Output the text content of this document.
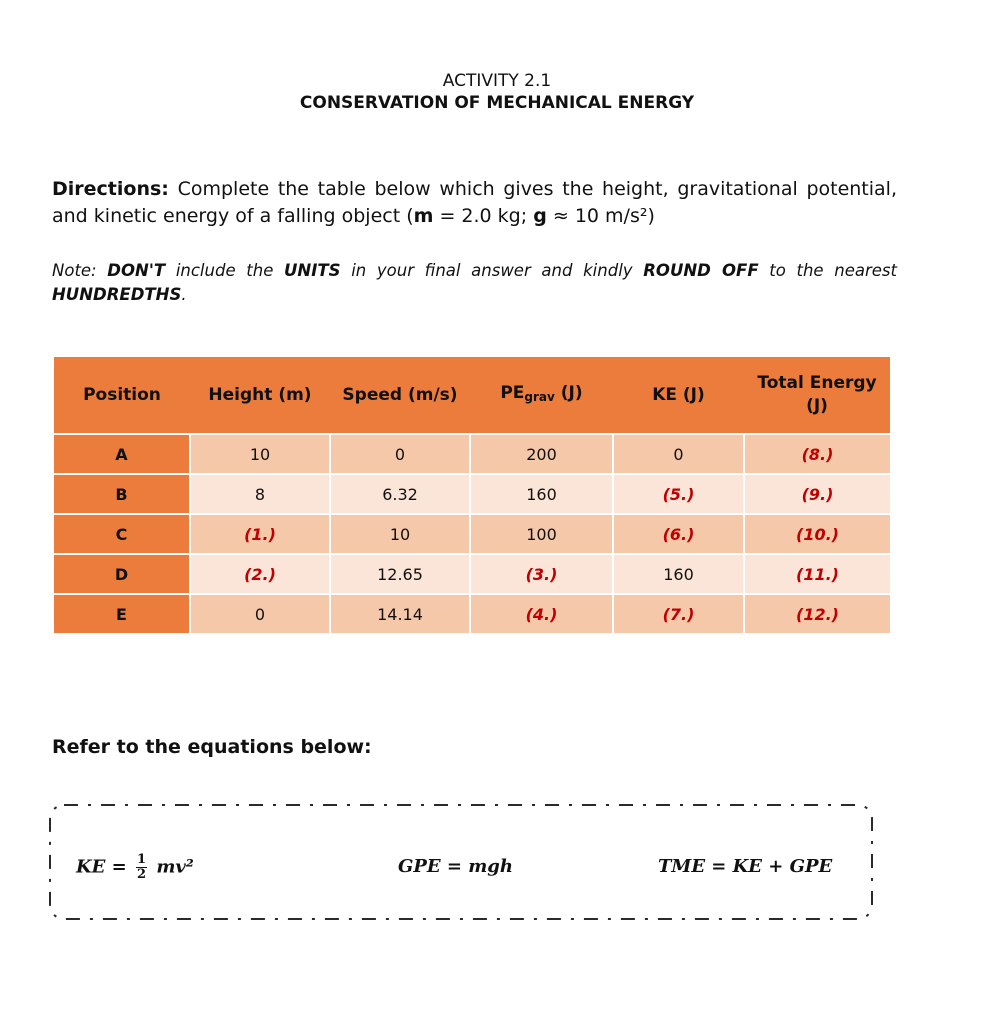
ACTIVITY 2.1
CONSERVATION OF MECHANICAL ENERGY
Directions: Complete the table below which gives the height, gravitational potential, and kinetic energy of a falling object (m = 2.0 kg; g ≈ 10 m/s²)
Note: DON'T include the UNITS in your final answer and kindly ROUND OFF to the nearest HUNDREDTHS.
Position	Height (m)	Speed (m/s)	$PE_{grav}$ (J)	KE (J)	Total Energy (J)
A	10	0	200	0	(8.)
B	8	6.32	160	(5.)	(9.)
C	(1.)	10	100	(6.)	(10.)
D	(2.)	12.65	(3.)	160	(11.)
E	0	14.14	(4.)	(7.)	(12.)
Refer to the equations below:
KE = $\frac{1}{2} mv^2$	GPE = mgh	TME = KE + GPE
